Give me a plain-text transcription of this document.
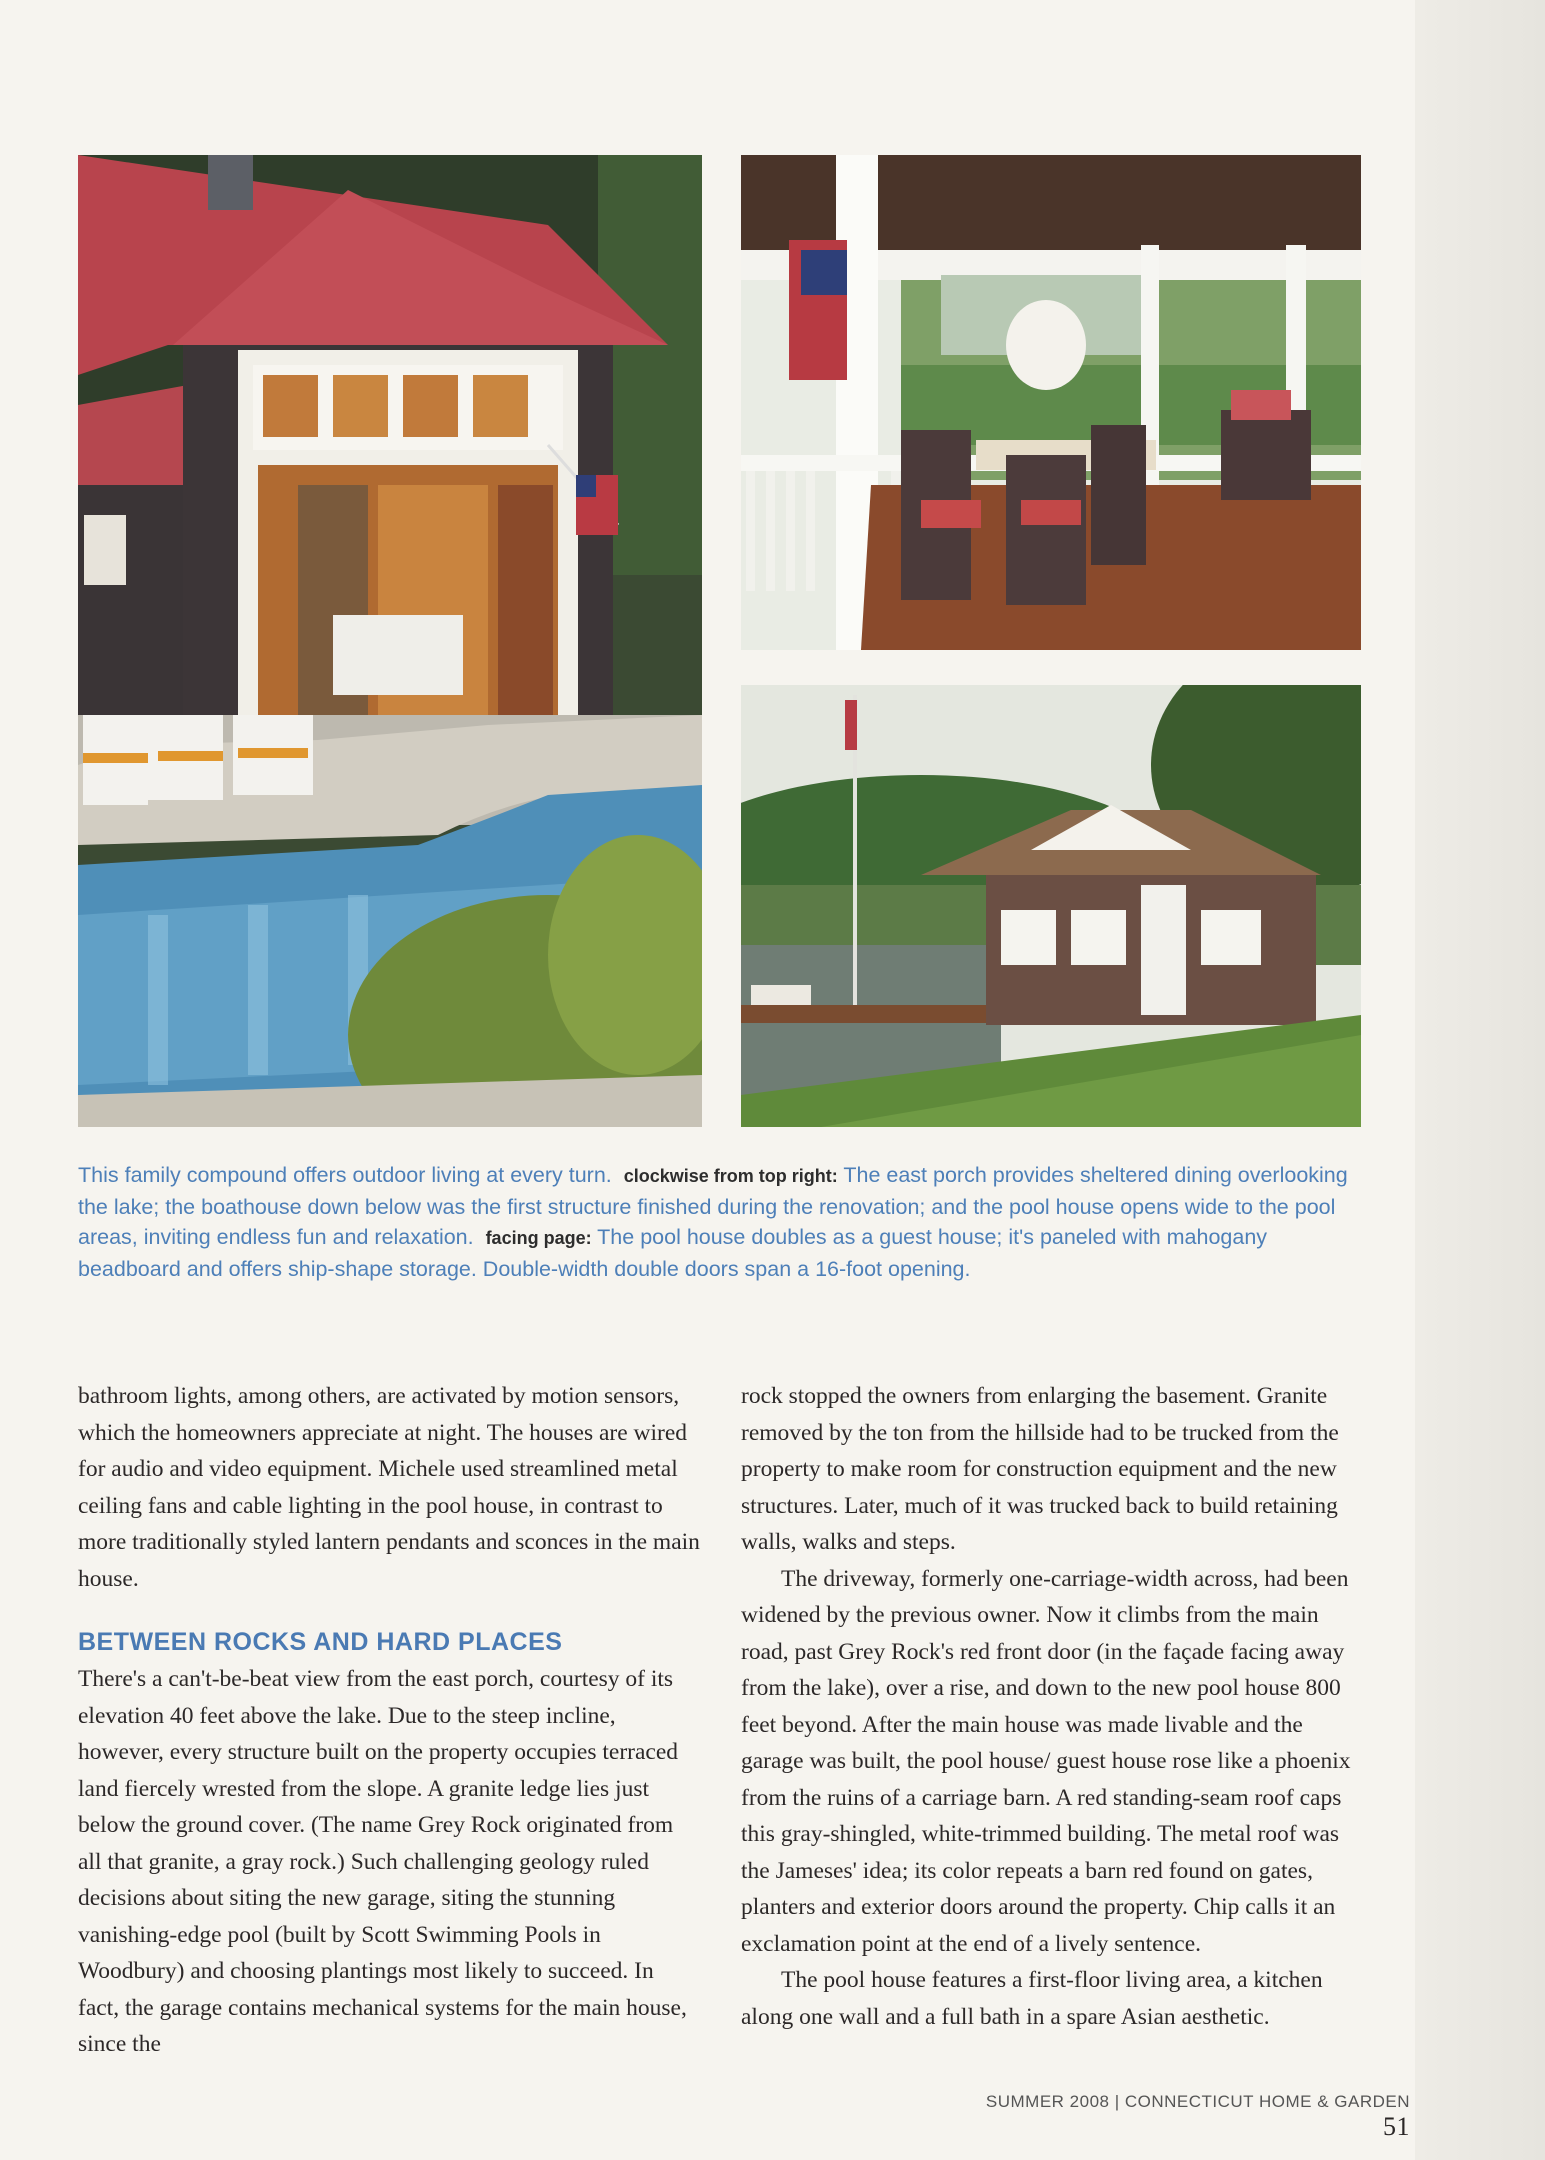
This family compound offers outdoor living at every turn. clockwise from top right: The east porch provides sheltered dining overlooking the lake; the boathouse down below was the first structure finished during the renovation; and the pool house opens wide to the pool areas, inviting endless fun and relaxation. facing page: The pool house doubles as a guest house; it's paneled with mahogany beadboard and offers ship-shape storage. Double-width double doors span a 16-foot opening.

bathroom lights, among others, are activated by motion sensors, which the homeowners appreciate at night. The houses are wired for audio and video equipment. Michele used streamlined metal ceiling fans and cable lighting in the pool house, in contrast to more traditionally styled lantern pendants and sconces in the main house.

BETWEEN ROCKS AND HARD PLACES

There's a can't-be-beat view from the east porch, courtesy of its elevation 40 feet above the lake. Due to the steep incline, however, every structure built on the property occupies terraced land fiercely wrested from the slope. A granite ledge lies just below the ground cover. (The name Grey Rock originated from all that granite, a gray rock.) Such challenging geology ruled decisions about siting the new garage, siting the stunning vanishing-edge pool (built by Scott Swimming Pools in Woodbury) and choosing plantings most likely to succeed. In fact, the garage contains mechanical systems for the main house, since the

rock stopped the owners from enlarging the basement. Granite removed by the ton from the hillside had to be trucked from the property to make room for construction equipment and the new structures. Later, much of it was trucked back to build retaining walls, walks and steps.

The driveway, formerly one-carriage-width across, had been widened by the previous owner. Now it climbs from the main road, past Grey Rock's red front door (in the façade facing away from the lake), over a rise, and down to the new pool house 800 feet beyond. After the main house was made livable and the garage was built, the pool house/ guest house rose like a phoenix from the ruins of a carriage barn. A red standing-seam roof caps this gray-shingled, white-trimmed building. The metal roof was the Jameses' idea; its color repeats a barn red found on gates, planters and exterior doors around the property. Chip calls it an exclamation point at the end of a lively sentence.

The pool house features a first-floor living area, a kitchen along one wall and a full bath in a spare Asian aesthetic.

SUMMER 2008 | CONNECTICUT HOME & GARDEN 51
